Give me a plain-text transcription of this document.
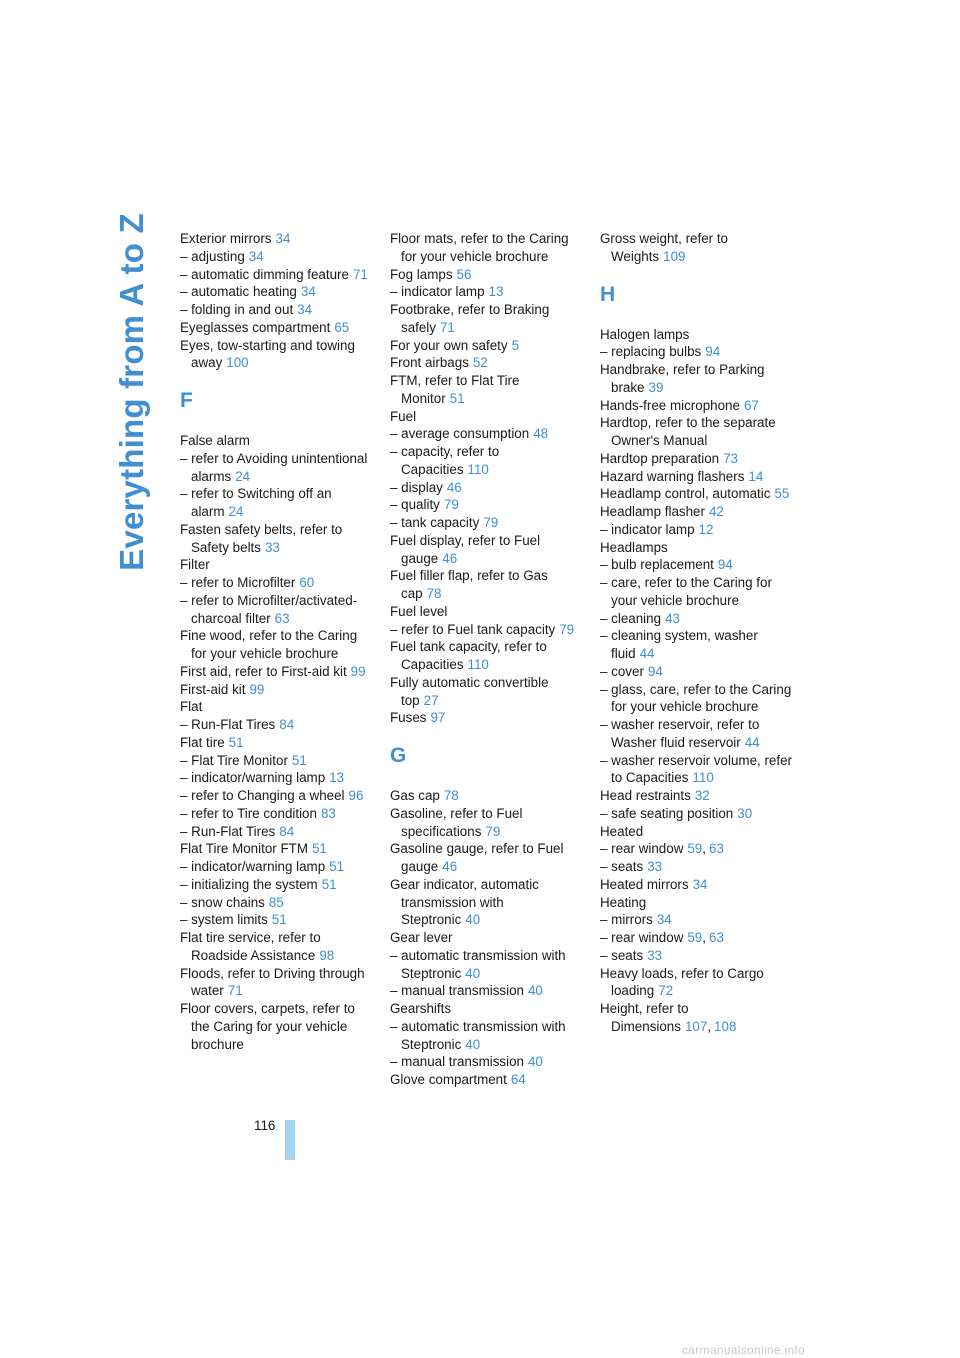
Everything from A to Z Exterior mirrors 34
– adjusting 34
– automatic dimming feature 71
– automatic heating 34
– folding in and out 34
Eyeglasses compartment 65
Eyes, tow-starting and towing away 100
F
False alarm
– refer to Avoiding unintentional alarms 24
– refer to Switching off an alarm 24
Fasten safety belts, refer to Safety belts 33
Filter
– refer to Microfilter 60
– refer to Microfilter/activated-charcoal filter 63
Fine wood, refer to the Caring for your vehicle brochure
First aid, refer to First-aid kit 99
First-aid kit 99
Flat
– Run-Flat Tires 84
Flat tire 51
– Flat Tire Monitor 51
– indicator/warning lamp 13
– refer to Changing a wheel 96
– refer to Tire condition 83
– Run-Flat Tires 84
Flat Tire Monitor FTM 51
– indicator/warning lamp 51
– initializing the system 51
– snow chains 85
– system limits 51
Flat tire service, refer to Roadside Assistance 98
Floods, refer to Driving through water 71
Floor covers, carpets, refer to the Caring for your vehicle brochure
Floor mats, refer to the Caring for your vehicle brochure
Fog lamps 56
– indicator lamp 13
Footbrake, refer to Braking safely 71
For your own safety 5
Front airbags 52
FTM, refer to Flat Tire Monitor 51
Fuel
– average consumption 48
– capacity, refer to Capacities 110
– display 46
– quality 79
– tank capacity 79
Fuel display, refer to Fuel gauge 46
Fuel filler flap, refer to Gas cap 78
Fuel level
– refer to Fuel tank capacity 79
Fuel tank capacity, refer to Capacities 110
Fully automatic convertible top 27
Fuses 97
G
Gas cap 78
Gasoline, refer to Fuel specifications 79
Gasoline gauge, refer to Fuel gauge 46
Gear indicator, automatic transmission with Steptronic 40
Gear lever
– automatic transmission with Steptronic 40
– manual transmission 40
Gearshifts
– automatic transmission with Steptronic 40
– manual transmission 40
Glove compartment 64
Gross weight, refer to Weights 109
H
Halogen lamps
– replacing bulbs 94
Handbrake, refer to Parking brake 39
Hands-free microphone 67
Hardtop, refer to the separate Owner's Manual
Hardtop preparation 73
Hazard warning flashers 14
Headlamp control, automatic 55
Headlamp flasher 42
– indicator lamp 12
Headlamps
– bulb replacement 94
– care, refer to the Caring for your vehicle brochure
– cleaning 43
– cleaning system, washer fluid 44
– cover 94
– glass, care, refer to the Caring for your vehicle brochure
– washer reservoir, refer to Washer fluid reservoir 44
– washer reservoir volume, refer to Capacities 110
Head restraints 32
– safe seating position 30
Heated
– rear window 59, 63
– seats 33
Heated mirrors 34
Heating
– mirrors 34
– rear window 59, 63
– seats 33
Heavy loads, refer to Cargo loading 72
Height, refer to Dimensions 107, 108
116
carmanualsonline.info
